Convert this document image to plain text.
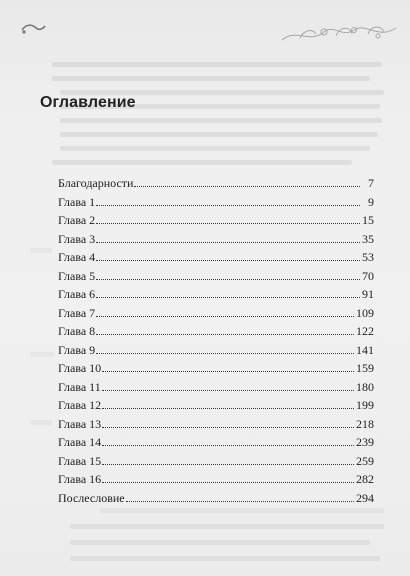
Оглавление
Благодарности	7
Глава 1	9
Глава 2	15
Глава 3	35
Глава 4	53
Глава 5	70
Глава 6	91
Глава 7	109
Глава 8	122
Глава 9	141
Глава 10	159
Глава 11	180
Глава 12	199
Глава 13	218
Глава 14	239
Глава 15	259
Глава 16	282
Послесловие	294
